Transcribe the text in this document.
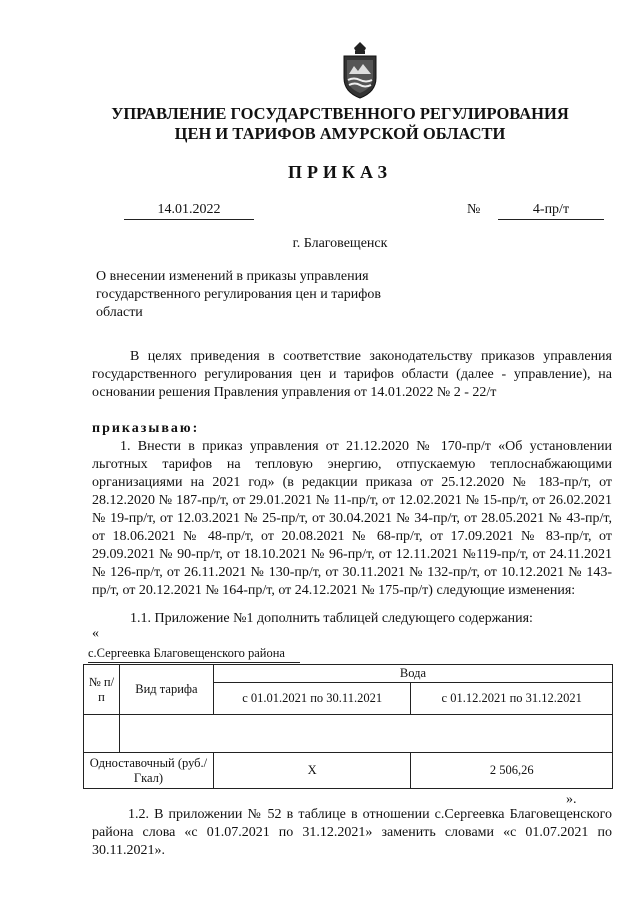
УПРАВЛЕНИЕ ГОСУДАРСТВЕННОГО РЕГУЛИРОВАНИЯ
ЦЕН И ТАРИФОВ АМУРСКОЙ ОБЛАСТИ
ПРИКАЗ
14.01.2022	№	4-пр/т
г. Благовещенск
О внесении изменений в приказы управления государственного регулирования цен и тарифов области
В целях приведения в соответствие законодательству приказов управления государственного регулирования цен и тарифов области (далее - управление), на основании решения Правления управления от 14.01.2022 № 2 - 22/т
приказываю:
1. Внести в приказ управления от 21.12.2020 № 170-пр/т «Об установлении льготных тарифов на тепловую энергию, отпускаемую теплоснабжающими организациями на 2021 год» (в редакции приказа от 25.12.2020 № 183-пр/т, от 28.12.2020 № 187-пр/т, от 29.01.2021 № 11-пр/т, от 12.02.2021 № 15-пр/т, от 26.02.2021 № 19-пр/т, от 12.03.2021 № 25-пр/т, от 30.04.2021 № 34-пр/т, от 28.05.2021 № 43-пр/т, от 18.06.2021 № 48-пр/т, от 20.08.2021 № 68-пр/т, от 17.09.2021 № 83-пр/т, от 29.09.2021 № 90-пр/т, от 18.10.2021 № 96-пр/т, от 12.11.2021 №119-пр/т, от 24.11.2021 № 126-пр/т, от 26.11.2021 № 130-пр/т, от 30.11.2021 № 132-пр/т, от 10.12.2021 № 143-пр/т, от 20.12.2021 № 164-пр/т, от 24.12.2021 № 175-пр/т) следующие изменения:
1.1. Приложение №1 дополнить таблицей следующего содержания:
«
с.Сергеевка Благовещенского района
№ п/п	Вид тарифа	Вода	
		с 01.01.2021 по 30.11.2021	с 01.12.2021 по 31.12.2021

Одноставочный (руб./Гкал)		Х	2 506,26
».
1.2. В приложении № 52 в таблице в отношении с.Сергеевка Благовещенского района слова «с 01.07.2021 по 31.12.2021» заменить словами «с 01.07.2021 по 30.11.2021».
